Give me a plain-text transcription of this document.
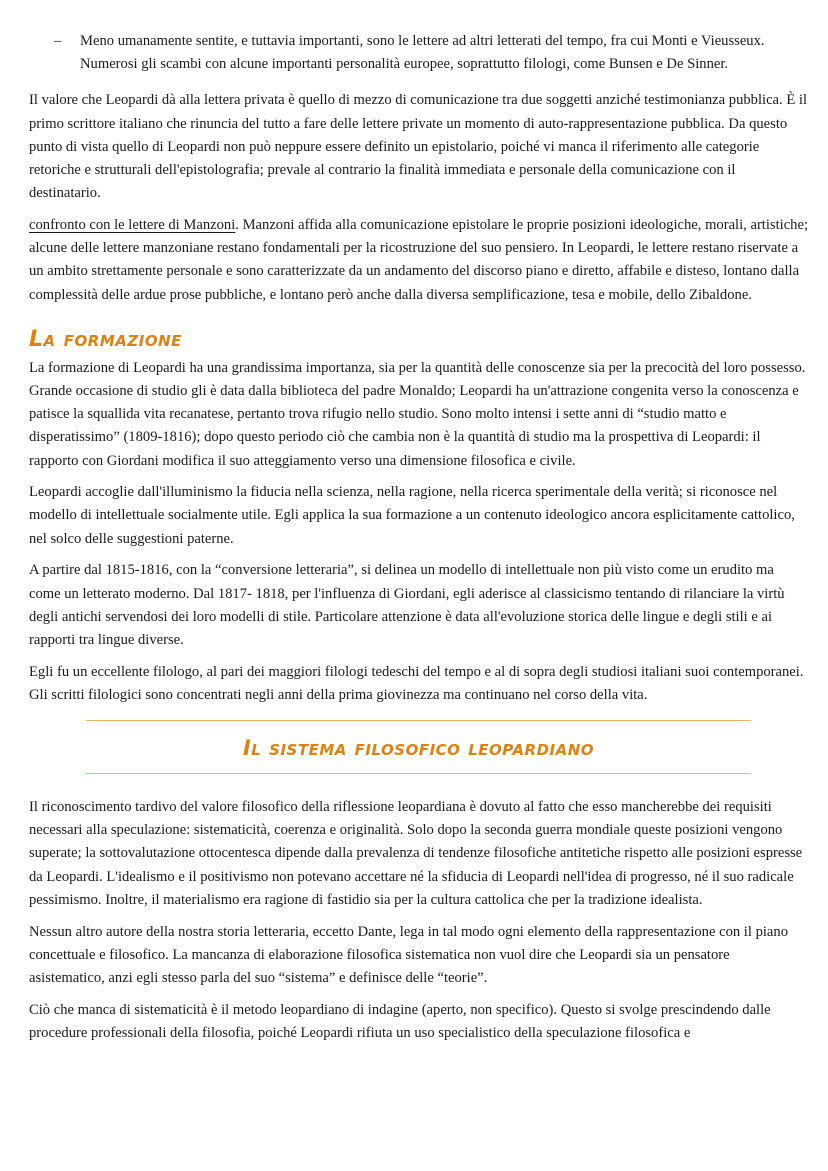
– Meno umanamente sentite, e tuttavia importanti, sono le lettere ad altri letterati del tempo, fra cui Monti e Vieusseux. Numerosi gli scambi con alcune importanti personalità europee, soprattutto filologi, come Bunsen e De Sinner.

Il valore che Leopardi dà alla lettera privata è quello di mezzo di comunicazione tra due soggetti anziché testimonianza pubblica. È il primo scrittore italiano che rinuncia del tutto a fare delle lettere private un momento di auto-rappresentazione pubblica. Da questo punto di vista quello di Leopardi non può neppure essere definito un epistolario, poiché vi manca il riferimento alle categorie retoriche e strutturali dell'epistolografia; prevale al contrario la finalità immediata e personale della comunicazione con il destinatario.

confronto con le lettere di Manzoni. Manzoni affida alla comunicazione epistolare le proprie posizioni ideologiche, morali, artistiche; alcune delle lettere manzoniane restano fondamentali per la ricostruzione del suo pensiero. In Leopardi, le lettere restano riservate a un ambito strettamente personale e sono caratterizzate da un andamento del discorso piano e diretto, affabile e disteso, lontano dalla complessità delle ardue prose pubbliche, e lontano però anche dalla diversa semplificazione, tesa e mobile, dello Zibaldone.

La formazione

La formazione di Leopardi ha una grandissima importanza, sia per la quantità delle conoscenze sia per la precocità del loro possesso. Grande occasione di studio gli è data dalla biblioteca del padre Monaldo; Leopardi ha un'attrazione congenita verso la conoscenza e patisce la squallida vita recanatese, pertanto trova rifugio nello studio. Sono molto intensi i sette anni di “studio matto e disperatissimo” (1809-1816); dopo questo periodo ciò che cambia non è la quantità di studio ma la prospettiva di Leopardi: il rapporto con Giordani modifica il suo atteggiamento verso una dimensione filosofica e civile.

Leopardi accoglie dall'illuminismo la fiducia nella scienza, nella ragione, nella ricerca sperimentale della verità; si riconosce nel modello di intellettuale socialmente utile. Egli applica la sua formazione a un contenuto ideologico ancora esplicitamente cattolico, nel solco delle suggestioni paterne.

A partire dal 1815-1816, con la “conversione letteraria”, si delinea un modello di intellettuale non più visto come un erudito ma come un letterato moderno. Dal 1817- 1818, per l'influenza di Giordani, egli aderisce al classicismo tentando di rilanciare la virtù degli antichi servendosi dei loro modelli di stile. Particolare attenzione è data all'evoluzione storica delle lingue e degli stili e ai rapporti tra lingue diverse.

Egli fu un eccellente filologo, al pari dei maggiori filologi tedeschi del tempo e al di sopra degli studiosi italiani suoi contemporanei. Gli scritti filologici sono concentrati negli anni della prima giovinezza ma continuano nel corso della vita.

Il sistema filosofico leopardiano

Il riconoscimento tardivo del valore filosofico della riflessione leopardiana è dovuto al fatto che esso mancherebbe dei requisiti necessari alla speculazione: sistematicità, coerenza e originalità. Solo dopo la seconda guerra mondiale queste posizioni vengono superate; la sottovalutazione ottocentesca dipende dalla prevalenza di tendenze filosofiche antitetiche rispetto alle posizioni espresse da Leopardi. L'idealismo e il positivismo non potevano accettare né la sfiducia di Leopardi nell'idea di progresso, né il suo radicale pessimismo. Inoltre, il materialismo era ragione di fastidio sia per la cultura cattolica che per la tradizione idealista.

Nessun altro autore della nostra storia letteraria, eccetto Dante, lega in tal modo ogni elemento della rappresentazione con il piano concettuale e filosofico. La mancanza di elaborazione filosofica sistematica non vuol dire che Leopardi sia un pensatore asistematico, anzi egli stesso parla del suo “sistema” e definisce delle “teorie”.

Ciò che manca di sistematicità è il metodo leopardiano di indagine (aperto, non specifico). Questo si svolge prescindendo dalle procedure professionali della filosofia, poiché Leopardi rifiuta un uso specialistico della speculazione filosofica e
